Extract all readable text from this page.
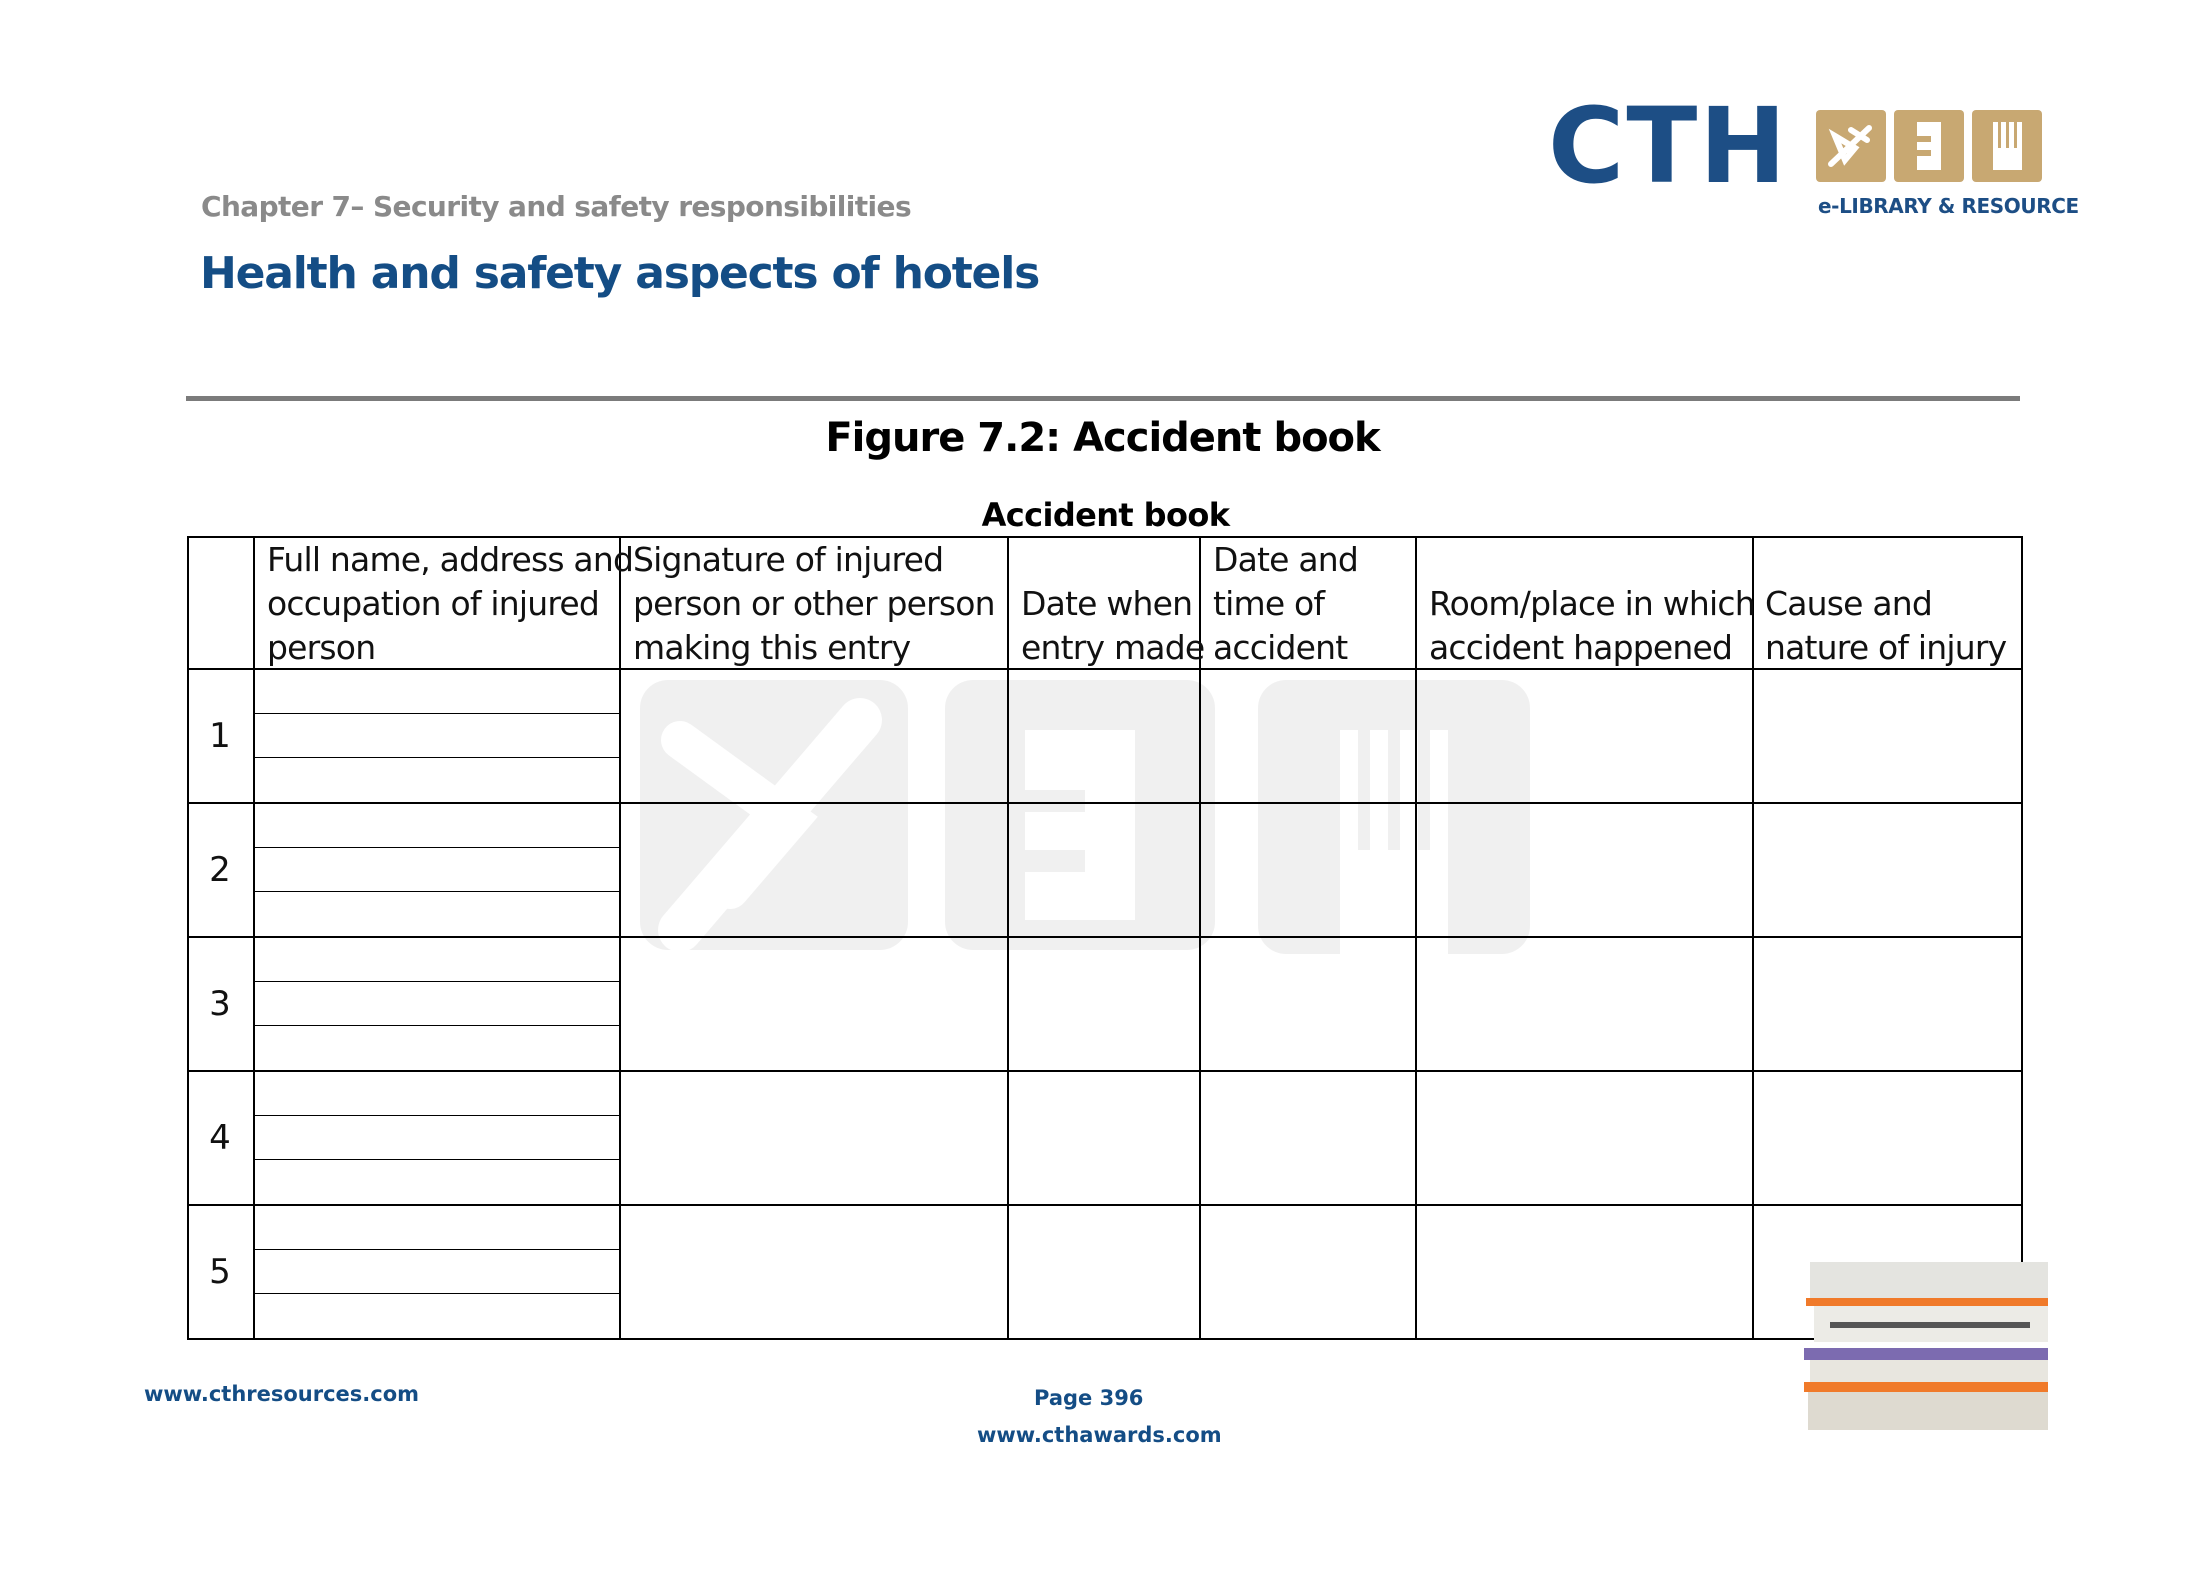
Chapter 7– Security and safety responsibilities
Health and safety aspects of hotels
CTH e-LIBRARY & RESOURCE
Figure 7.2: Accident book
Accident book
Full name, address and
occupation of injured
person
Signature of injured
person or other person
making this entry
Date when
entry made
Date and
time of
accident
Room/place in which
accident happened
Cause and
nature of injury
1
2
3
4
5
www.cthresources.com	Page 396
www.cthawards.com
